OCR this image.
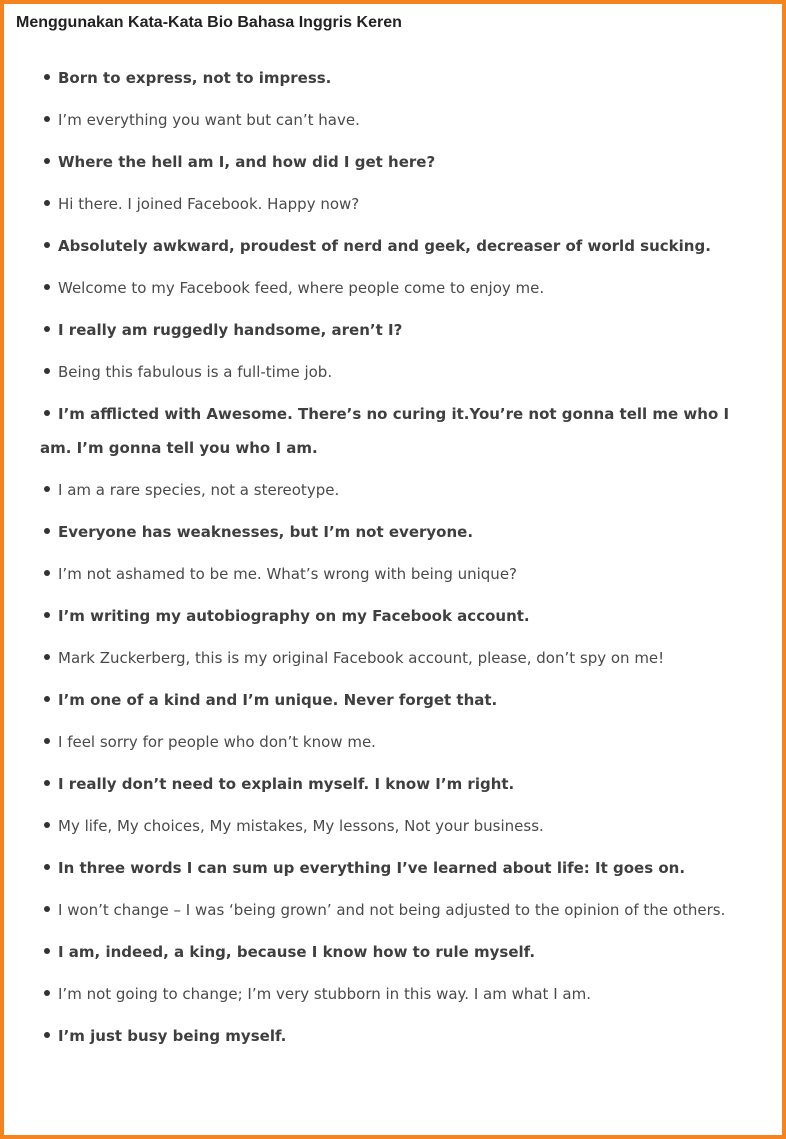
Menggunakan Kata-Kata Bio Bahasa Inggris Keren
Born to express, not to impress.
I’m everything you want but can’t have.
Where the hell am I, and how did I get here?
Hi there. I joined Facebook. Happy now?
Absolutely awkward, proudest of nerd and geek, decreaser of world sucking.
Welcome to my Facebook feed, where people come to enjoy me.
I really am ruggedly handsome, aren’t I?
Being this fabulous is a full-time job.
I’m afflicted with Awesome. There’s no curing it.You’re not gonna tell me who I am. I’m gonna tell you who I am.
I am a rare species, not a stereotype.
Everyone has weaknesses, but I’m not everyone.
I’m not ashamed to be me. What’s wrong with being unique?
I’m writing my autobiography on my Facebook account.
Mark Zuckerberg, this is my original Facebook account, please, don’t spy on me!
I’m one of a kind and I’m unique. Never forget that.
I feel sorry for people who don’t know me.
I really don’t need to explain myself. I know I’m right.
My life, My choices, My mistakes, My lessons, Not your business.
In three words I can sum up everything I’ve learned about life: It goes on.
I won’t change – I was ‘being grown’ and not being adjusted to the opinion of the others.
I am, indeed, a king, because I know how to rule myself.
I’m not going to change; I’m very stubborn in this way. I am what I am.
I’m just busy being myself.
